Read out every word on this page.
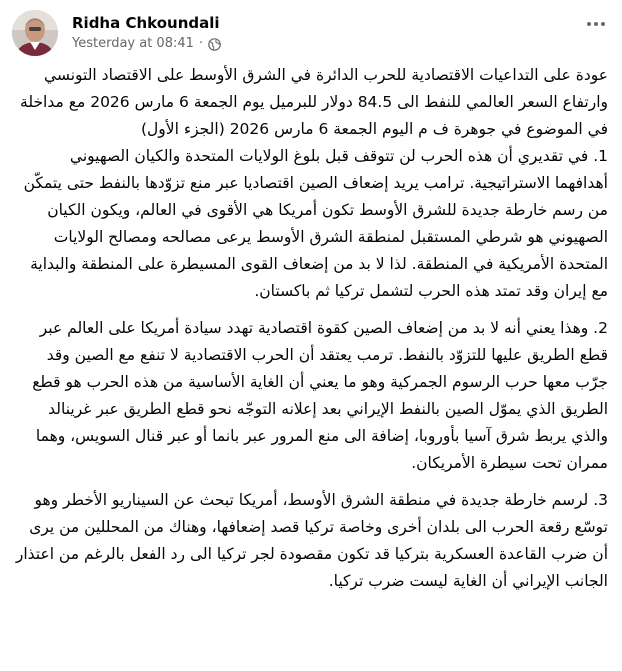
Ridha Chkoundali
Yesterday at 08:41 ·

عودة على التداعيات الاقتصادية للحرب الدائرة في الشرق الأوسط على الاقتصاد التونسي وارتفاع السعر العالمي للنفط الى 84.5 دولار للبرميل يوم الجمعة 6 مارس 2026 مع مداخلة في الموضوع في جوهرة ف م اليوم الجمعة 6 مارس 2026 (الجزء الأول)

1. في تقديري أن هذه الحرب لن تتوقف قبل بلوغ الولايات المتحدة والكيان الصهيوني أهدافهما الاستراتيجية. ترامب يريد إضعاف الصين اقتصاديا عبر منع تزوّدها بالنفط حتى يتمكّن من رسم خارطة جديدة للشرق الأوسط تكون أمريكا هي الأقوى في العالم، ويكون الكيان الصهيوني هو شرطي المستقبل لمنطقة الشرق الأوسط يرعى مصالحه ومصالح الولايات المتحدة الأمريكية في المنطقة. لذا لا بد من إضعاف القوى المسيطرة على المنطقة والبداية مع إيران وقد تمتد هذه الحرب لتشمل تركيا ثم باكستان.

2. وهذا يعني أنه لا بد من إضعاف الصين كقوة اقتصادية تهدد سيادة أمريكا على العالم عبر قطع الطريق عليها للتزوّد بالنفط. ترمب يعتقد أن الحرب الاقتصادية لا تنفع مع الصين وقد جرّب معها حرب الرسوم الجمركية وهو ما يعني أن الغاية الأساسية من هذه الحرب هو قطع الطريق الذي يموّل الصين بالنفط الإيراني بعد إعلانه التوجّه نحو قطع الطريق عبر غرينالد والذي يربط شرق آسيا بأوروبا، إضافة الى منع المرور عبر بانما أو عبر قنال السويس، وهما ممران تحت سيطرة الأمريكان.

3. لرسم خارطة جديدة في منطقة الشرق الأوسط، أمريكا تبحث عن السيناريو الأخطر وهو توسّع رقعة الحرب الى بلدان أخرى وخاصة تركيا قصد إضعافها، وهناك من المحللين من يرى أن ضرب القاعدة العسكرية بتركيا قد تكون مقصودة لجر تركيا الى رد الفعل بالرغم من اعتذار الجانب الإيراني أن الغاية ليست ضرب تركيا.
